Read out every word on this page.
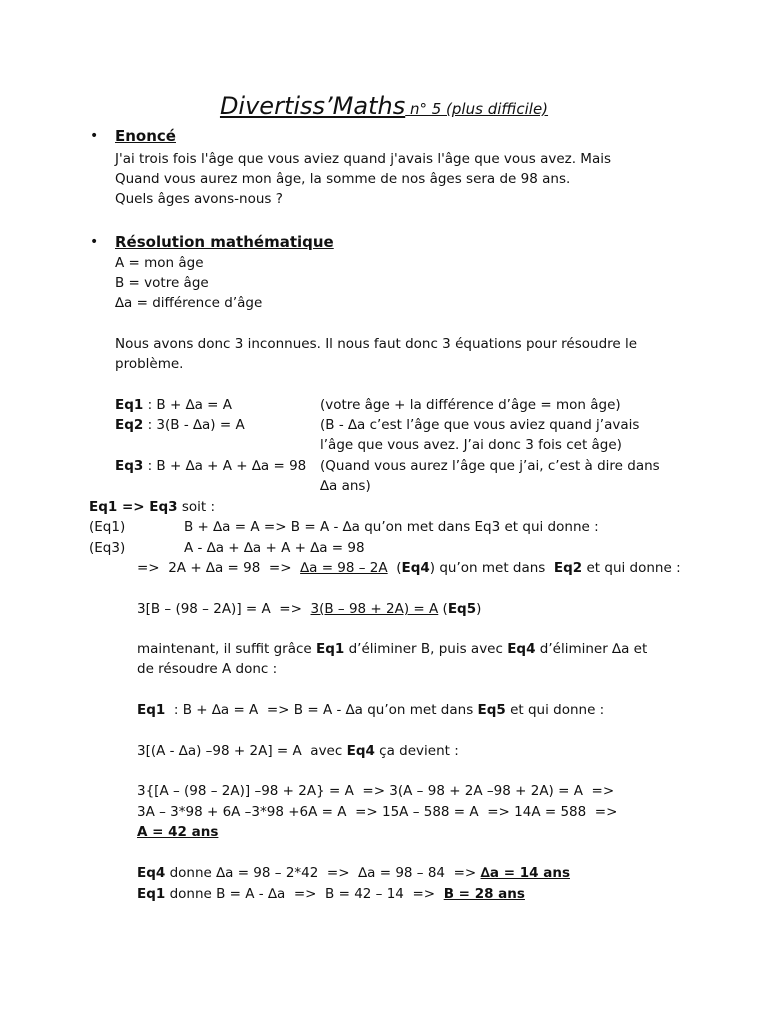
Divertiss’Maths n° 5 (plus difficile)
• Enoncé
J'ai trois fois l'âge que vous aviez quand j'avais l'âge que vous avez. Mais
Quand vous aurez mon âge, la somme de nos âges sera de 98 ans.
Quels âges avons-nous ?
• Résolution mathématique
A = mon âge
B = votre âge
∆a = différence d’âge
Nous avons donc 3 inconnues. Il nous faut donc 3 équations pour résoudre le
problème.
Eq1 : B + ∆a = A	(votre âge + la différence d’âge = mon âge)
Eq2 : 3(B - ∆a) = A	(B - ∆a c’est l’âge que vous aviez quand j’avais
l’âge que vous avez. J’ai donc 3 fois cet âge)
Eq3 : B + ∆a + A + ∆a = 98 (Quand vous aurez l’âge que j’ai, c’est à dire dans
∆a ans)
Eq1 => Eq3 soit :
(Eq1)	B + ∆a = A => B = A - ∆a qu’on met dans Eq3 et qui donne :
(Eq3)	A - ∆a + ∆a + A + ∆a = 98
=>  2A + ∆a = 98  =>  ∆a = 98 – 2A  (Eq4) qu’on met dans  Eq2 et qui donne :
3[B – (98 – 2A)] = A  =>  3(B – 98 + 2A) = A (Eq5)
maintenant, il suffit grâce Eq1 d’éliminer B, puis avec Eq4 d’éliminer ∆a et
de résoudre A donc :
Eq1  : B + ∆a = A  => B = A - ∆a qu’on met dans Eq5 et qui donne :
3[(A - ∆a) –98 + 2A] = A  avec Eq4 ça devient :
3{[A – (98 – 2A)] –98 + 2A} = A  => 3(A – 98 + 2A –98 + 2A) = A  =>
3A – 3*98 + 6A –3*98 +6A = A  => 15A – 588 = A  => 14A = 588  =>
A = 42 ans
Eq4 donne ∆a = 98 – 2*42  =>  ∆a = 98 – 84  => ∆a = 14 ans
Eq1 donne B = A - ∆a  =>  B = 42 – 14  =>  B = 28 ans
